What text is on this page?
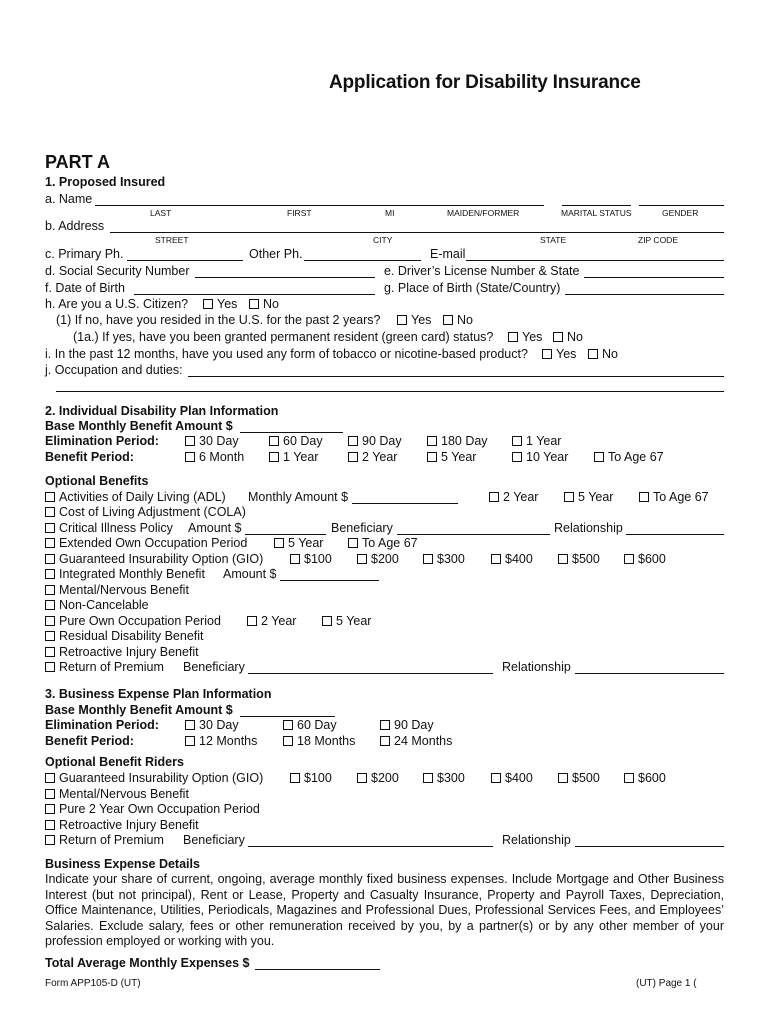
Application for Disability Insurance
PART A
1. Proposed Insured
a. Name
LAST	FIRST	MI	MAIDEN/FORMER	MARITAL STATUS	GENDER
b. Address
STREET	CITY	STATE	ZIP CODE
c. Primary Ph.	Other Ph.	E-mail
d. Social Security Number	e. Driver’s License Number & State
f. Date of Birth	g. Place of Birth (State/Country)
h. Are you a U.S. Citizen?	Yes	No
(1) If no, have you resided in the U.S. for the past 2 years?	Yes	No
(1a.) If yes, have you been granted permanent resident (green card) status?	Yes	No
i. In the past 12 months, have you used any form of tobacco or nicotine-based product?	Yes	No
j. Occupation and duties:
2. Individual Disability Plan Information
Base Monthly Benefit Amount $
Elimination Period:	30 Day	60 Day	90 Day	180 Day	1 Year
Benefit Period:	6 Month	1 Year	2 Year	5 Year	10 Year	To Age 67
Optional Benefits
Activities of Daily Living (ADL) Monthly Amount $	2 Year	5 Year	To Age 67
Cost of Living Adjustment (COLA)
Critical Illness Policy Amount $	Beneficiary	Relationship
Extended Own Occupation Period	5 Year	To Age 67
Guaranteed Insurability Option (GIO)	$100	$200	$300	$400	$500	$600
Integrated Monthly Benefit Amount $
Mental/Nervous Benefit
Non-Cancelable
Pure Own Occupation Period	2 Year	5 Year
Residual Disability Benefit
Retroactive Injury Benefit
Return of Premium Beneficiary	Relationship
3. Business Expense Plan Information
Base Monthly Benefit Amount $
Elimination Period:	30 Day	60 Day	90 Day
Benefit Period:	12 Months	18 Months	24 Months
Optional Benefit Riders
Guaranteed Insurability Option (GIO)	$100	$200	$300	$400	$500	$600
Mental/Nervous Benefit
Pure 2 Year Own Occupation Period
Retroactive Injury Benefit
Return of Premium Beneficiary	Relationship
Business Expense Details
Indicate your share of current, ongoing, average monthly fixed business expenses. Include Mortgage and Other Business Interest (but not principal), Rent or Lease, Property and Casualty Insurance, Property and Payroll Taxes, Depreciation, Office Maintenance, Utilities, Periodicals, Magazines and Professional Dues, Professional Services Fees, and Employees’ Salaries. Exclude salary, fees or other remuneration received by you, by a partner(s) or by any other member of your profession employed or working with you.
Total Average Monthly Expenses $
Form APP105-D (UT)	(UT) Page 1 (
